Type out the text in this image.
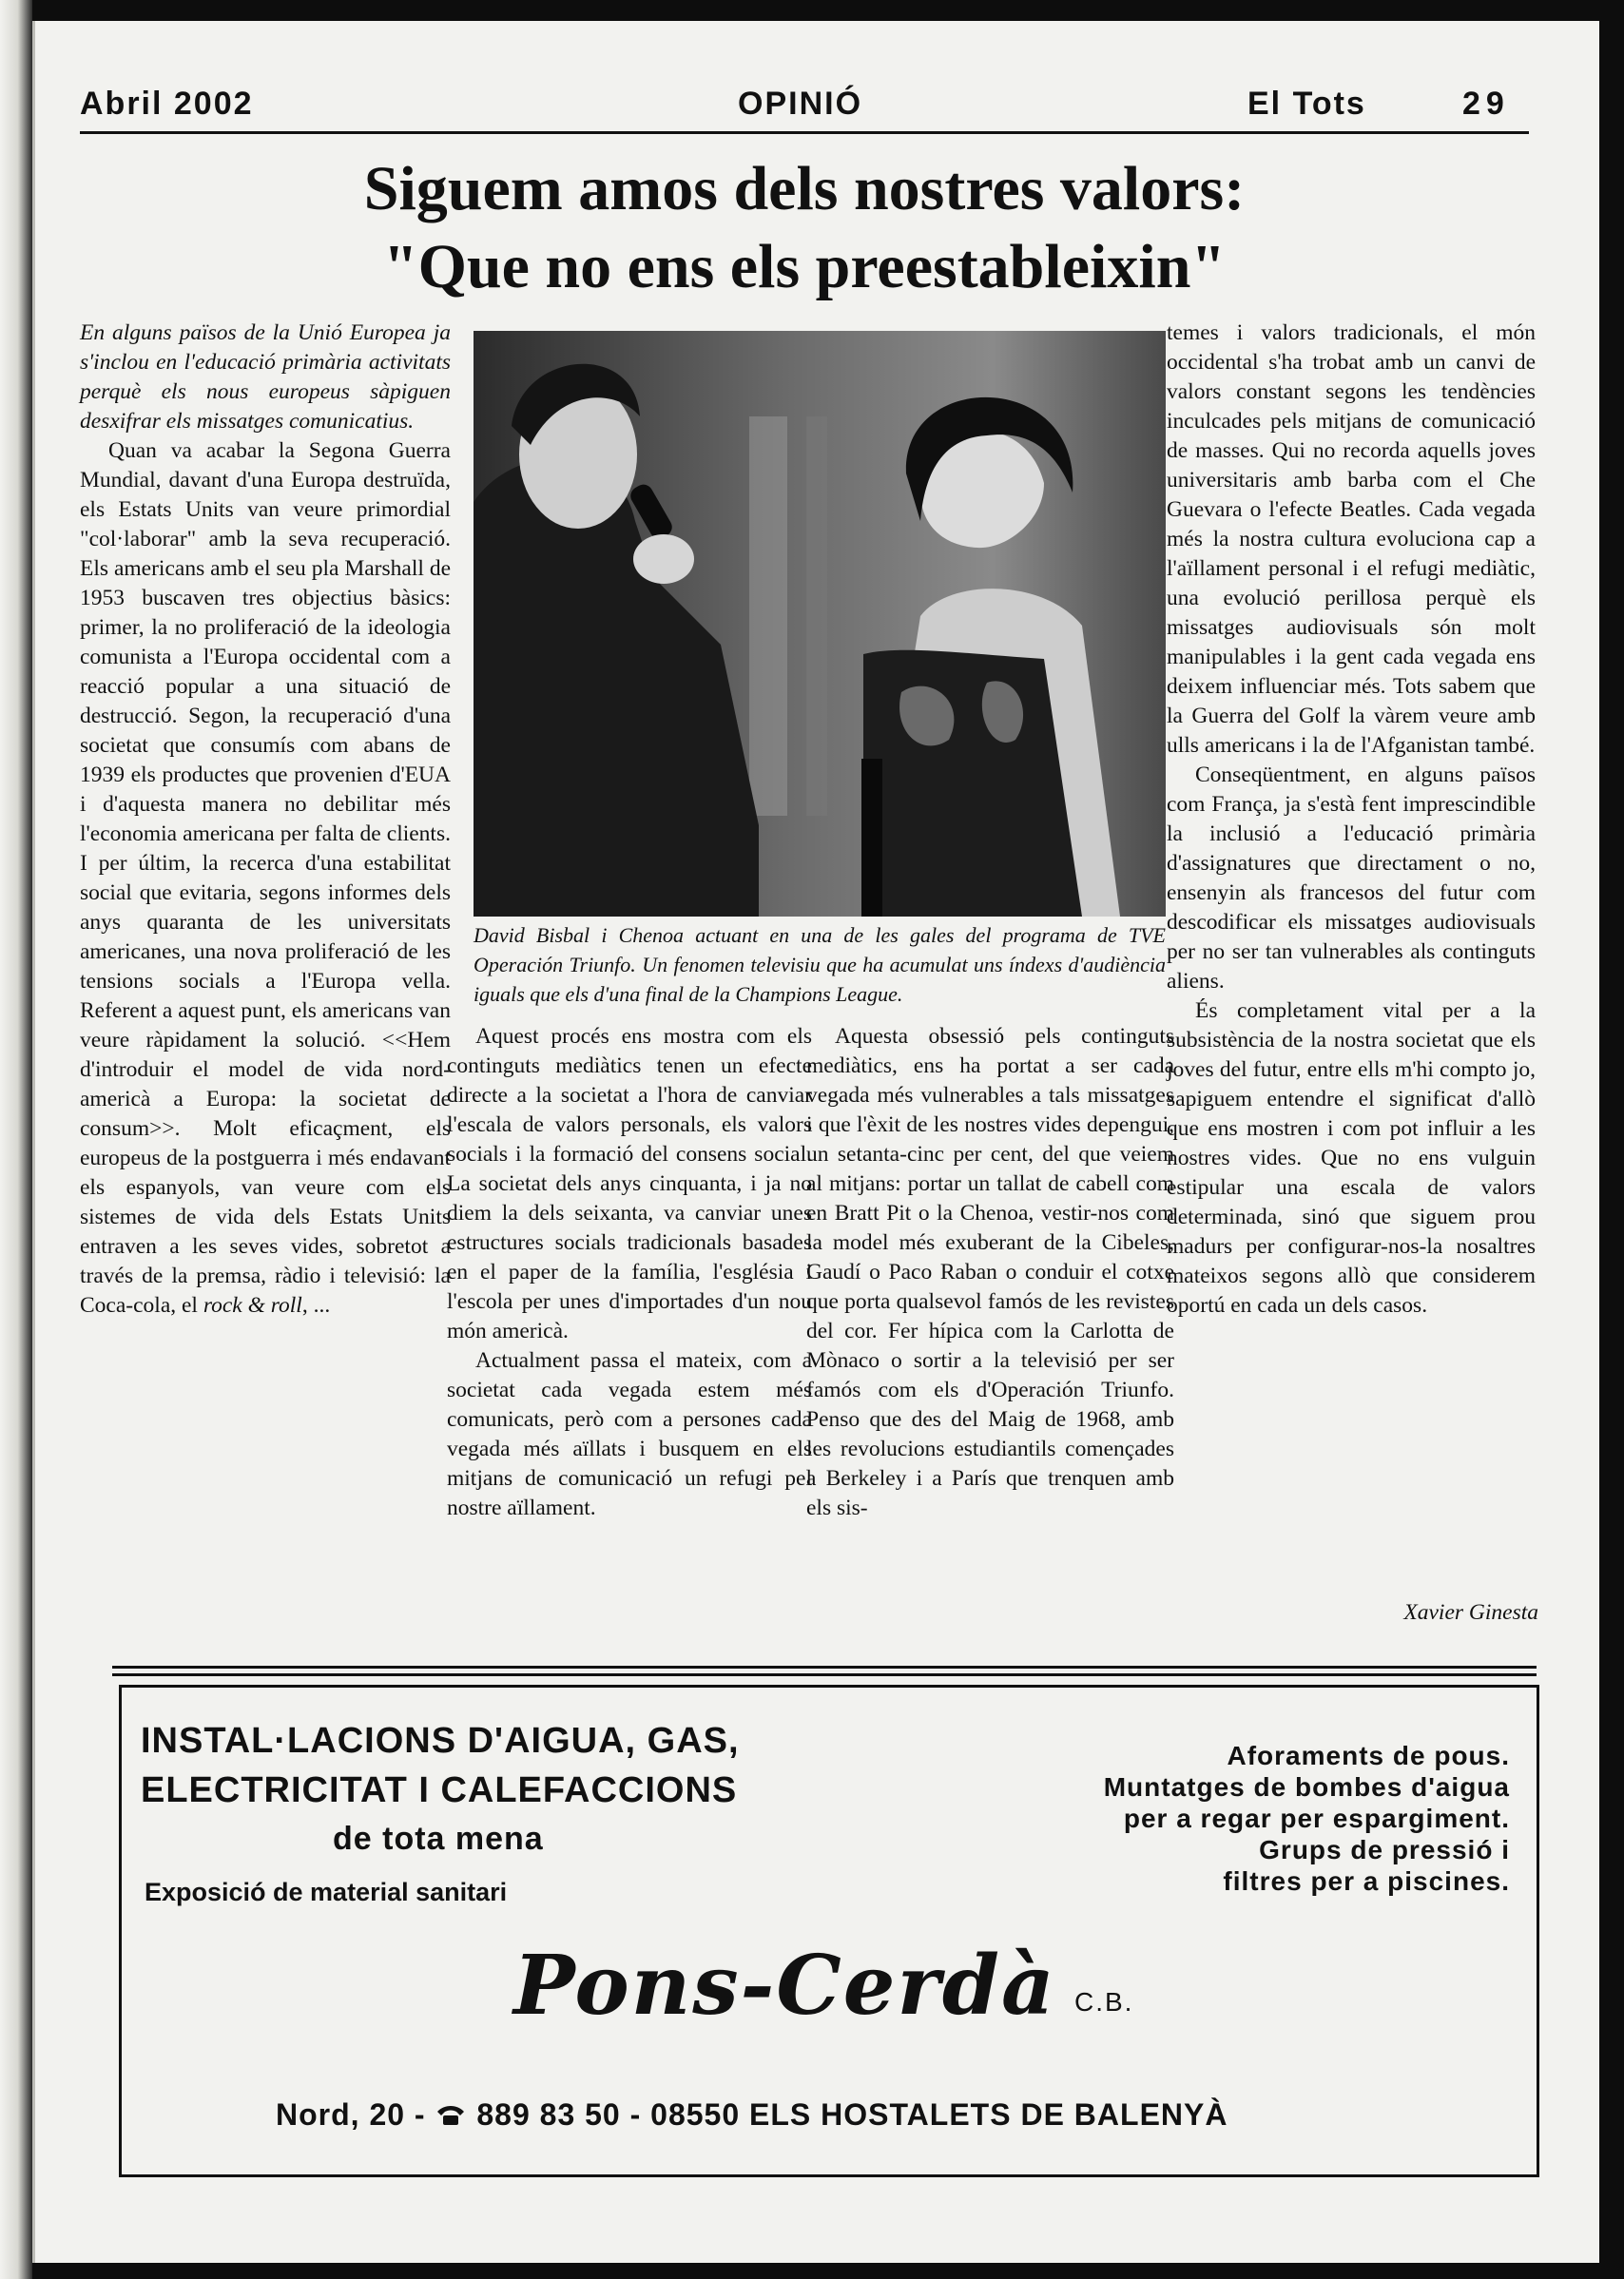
Abril 2002	OPINIÓ	El Tots	29
Siguem amos dels nostres valors:
"Que no ens els preestableixin"

En alguns països de la Unió Europea ja s'inclou en l'educació primària activitats perquè els nous europeus sàpiguen desxifrar els missatges comunicatius.

Quan va acabar la Segona Guerra Mundial, davant d'una Europa destruïda, els Estats Units van veure primordial "col·laborar" amb la seva recuperació. Els americans amb el seu pla Marshall de 1953 buscaven tres objectius bàsics: primer, la no proliferació de la ideologia comunista a l'Europa occidental com a reacció popular a una situació de destrucció. Segon, la recuperació d'una societat que consumís com abans de 1939 els productes que provenien d'EUA i d'aquesta manera no debilitar més l'economia americana per falta de clients. I per últim, la recerca d'una estabilitat social que evitaria, segons informes dels anys quaranta de les universitats americanes, una nova proliferació de les tensions socials a l'Europa vella. Referent a aquest punt, els americans van veure ràpidament la solució. <<Hem d'introduir el model de vida nord-americà a Europa: la societat de consum>>. Molt eficaçment, els europeus de la postguerra i més endavant els espanyols, van veure com els sistemes de vida dels Estats Units entraven a les seves vides, sobretot a través de la premsa, ràdio i televisió: la Coca-cola, el rock & roll, ...

David Bisbal i Chenoa actuant en una de les gales del programa de TVE Operación Triunfo. Un fenomen televisiu que ha acumulat uns índexs d'audiència iguals que els d'una final de la Champions League.

Aquest procés ens mostra com els continguts mediàtics tenen un efecte directe a la societat a l'hora de canviar l'escala de valors personals, els valors socials i la formació del consens social. La societat dels anys cinquanta, i ja no diem la dels seixanta, va canviar unes estructures socials tradicionals basades en el paper de la família, l'església i l'escola per unes d'importades d'un nou món americà.

Actualment passa el mateix, com a societat cada vegada estem més comunicats, però com a persones cada vegada més aïllats i busquem en els mitjans de comunicació un refugi pel nostre aïllament.

Aquesta obsessió pels continguts mediàtics, ens ha portat a ser cada vegada més vulnerables a tals missatges i que l'èxit de les nostres vides depengui, un setanta-cinc per cent, del que veiem al mitjans: portar un tallat de cabell com en Bratt Pit o la Chenoa, vestir-nos com la model més exuberant de la Cibeles, Gaudí o Paco Raban o conduir el cotxe que porta qualsevol famós de les revistes del cor. Fer hípica com la Carlotta de Mònaco o sortir a la televisió per ser famós com els d'Operación Triunfo. Penso que des del Maig de 1968, amb les revolucions estudiantils començades a Berkeley i a París que trenquen amb els sis-

temes i valors tradicionals, el món occidental s'ha trobat amb un canvi de valors constant segons les tendències inculcades pels mitjans de comunicació de masses. Qui no recorda aquells joves universitaris amb barba com el Che Guevara o l'efecte Beatles. Cada vegada més la nostra cultura evoluciona cap a l'aïllament personal i el refugi mediàtic, una evolució perillosa perquè els missatges audiovisuals són molt manipulables i la gent cada vegada ens deixem influenciar més. Tots sabem que la Guerra del Golf la vàrem veure amb ulls americans i la de l'Afganistan també.

Conseqüentment, en alguns països com França, ja s'està fent imprescindible la inclusió a l'educació primària d'assignatures que directament o no, ensenyin als francesos del futur com descodificar els missatges audiovisuals per no ser tan vulnerables als continguts aliens.

És completament vital per a la subsistència de la nostra societat que els joves del futur, entre ells m'hi compto jo, sapiguem entendre el significat d'allò que ens mostren i com pot influir a les nostres vides. Que no ens vulguin estipular una escala de valors determinada, sinó que siguem prou madurs per configurar-nos-la nosaltres mateixos segons allò que considerem oportú en cada un dels casos.

Xavier Ginesta
INSTAL·LACIONS D'AIGUA, GAS,
ELECTRICITAT I CALEFACCIONS
de tota mena
Exposició de material sanitari
Aforaments de pous.
Muntatges de bombes d'aigua
per a regar per espargiment.
Grups de pressió i
filtres per a piscines.
Pons-Cerdà C.B.
Nord, 20 - 889 83 50 - 08550 ELS HOSTALETS DE BALENYÀ
